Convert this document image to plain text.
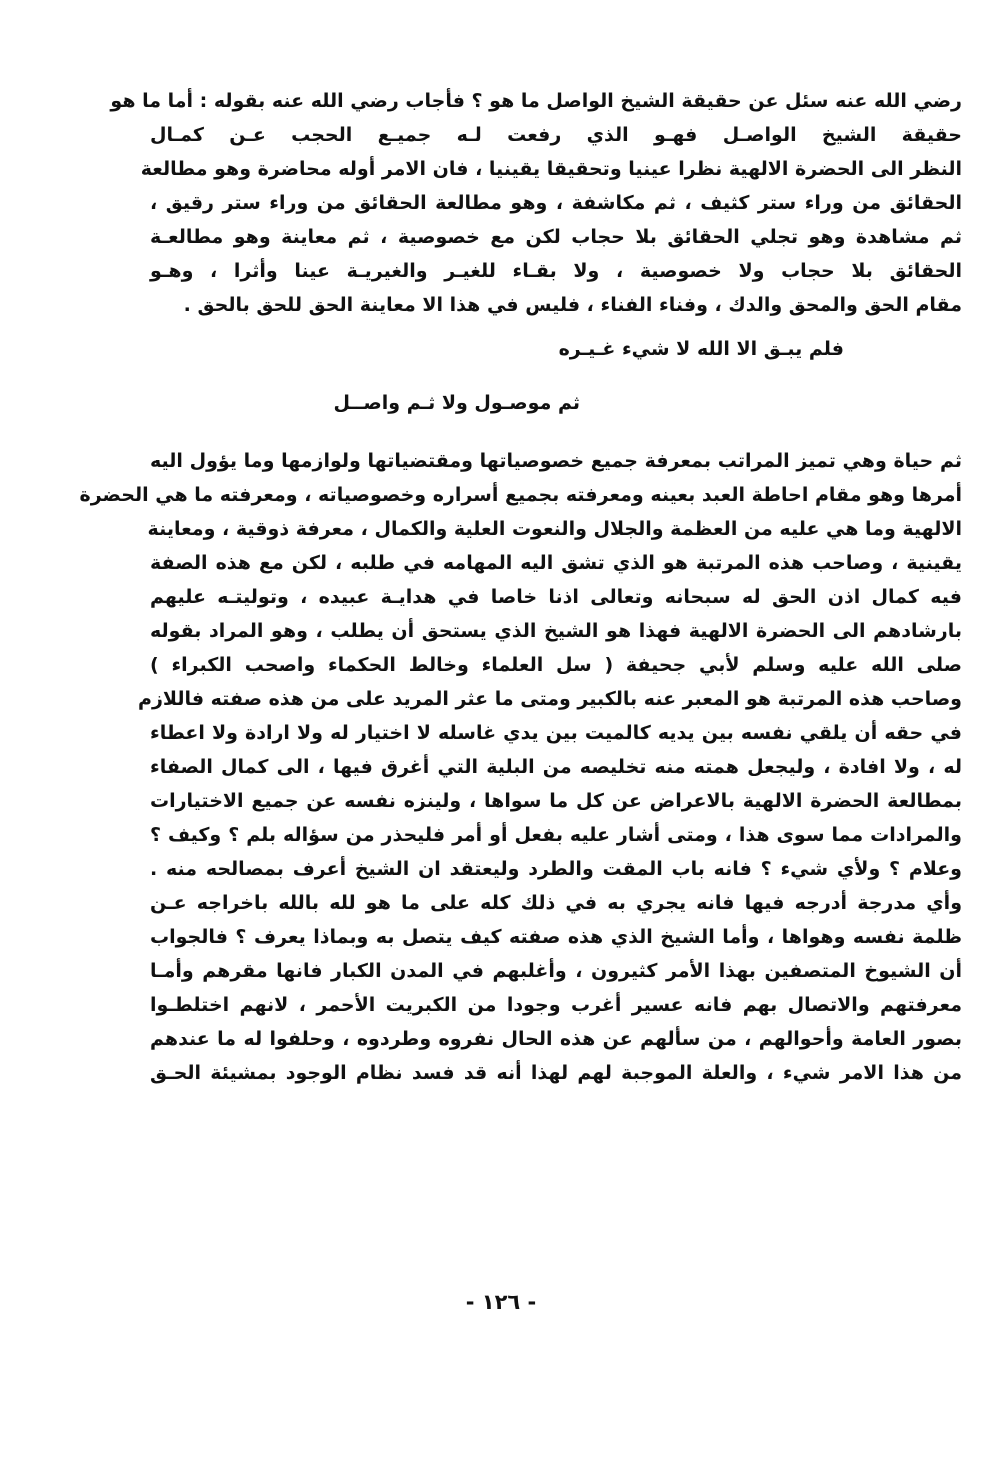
رضي الله عنه سئل عن حقيقة الشيخ الواصل ما هو ؟ فأجاب رضي الله عنه بقوله : أما ما هو
حقيقة الشيخ الواصـل فهـو الذي رفعت لـه جميـع الحجب عـن كمـال
النظر الى الحضرة الالهية نظرا عينيا وتحقيقا يقينيا ، فان الامر أوله محاضرة وهو مطالعة
الحقائق من وراء ستر كثيف ، ثم مكاشفة ، وهو مطالعة الحقائق من وراء ستر رقيق ،
ثم مشاهدة وهو تجلي الحقائق بلا حجاب لكن مع خصوصية ، ثم معاينة وهو مطالعـة
الحقائق بلا حجاب ولا خصوصية ، ولا بقـاء للغيـر والغيريـة عينا وأثرا ، وهـو
مقام الحق والمحق والدك ، وفناء الفناء ، فليس في هذا الا معاينة الحق للحق بالحق .
فلم يبـق الا الله لا شيء غـيـره
ثم موصـول ولا ثـم واصــل
ثم حياة وهي تميز المراتب بمعرفة جميع خصوصياتها ومقتضياتها ولوازمها وما يؤول اليه
أمرها وهو مقام احاطة العبد بعينه ومعرفته بجميع أسراره وخصوصياته ، ومعرفته ما هي الحضرة
الالهية وما هي عليه من العظمة والجلال والنعوت العلية والكمال ، معرفة ذوقية ، ومعاينة
يقينية ، وصاحب هذه المرتبة هو الذي تشق اليه المهامه في طلبه ، لكن مع هذه الصفة
فيه كمال اذن الحق له سبحانه وتعالى اذنا خاصا في هدايـة عبيده ، وتوليتـه عليهم
بارشادهم الى الحضرة الالهية فهذا هو الشيخ الذي يستحق أن يطلب ، وهو المراد بقوله
صلى الله عليه وسلم لأبي جحيفة ( سل العلماء وخالط الحكماء واصحب الكبراء )
وصاحب هذه المرتبة هو المعبر عنه بالكبير ومتى ما عثر المريد على من هذه صفته فاللازم
في حقه أن يلقي نفسه بين يديه كالميت بين يدي غاسله لا اختيار له ولا ارادة ولا اعطاء
له ، ولا افادة ، وليجعل همته منه تخليصه من البلية التي أغرق فيها ، الى كمال الصفاء
بمطالعة الحضرة الالهية بالاعراض عن كل ما سواها ، ولينزه نفسه عن جميع الاختيارات
والمرادات مما سوى هذا ، ومتى أشار عليه بفعل أو أمر فليحذر من سؤاله بلم ؟ وكيف ؟
وعلام ؟ ولأي شيء ؟ فانه باب المقت والطرد وليعتقد ان الشيخ أعرف بمصالحه منه .
وأي مدرجة أدرجه فيها فانه يجري به في ذلك كله على ما هو لله بالله باخراجه عـن
ظلمة نفسه وهواها ، وأما الشيخ الذي هذه صفته كيف يتصل به وبماذا يعرف ؟ فالجواب
أن الشيوخ المتصفين بهذا الأمر كثيرون ، وأغلبهم في المدن الكبار فانها مقرهم وأمـا
معرفتهم والاتصال بهم فانه عسير أغرب وجودا من الكبريت الأحمر ، لانهم اختلطـوا
بصور العامة وأحوالهم ، من سألهم عن هذه الحال نفروه وطردوه ، وحلفوا له ما عندهم
من هذا الامر شيء ، والعلة الموجبة لهم لهذا أنه قد فسد نظام الوجود بمشيئة الحـق
- ١٢٦ -
